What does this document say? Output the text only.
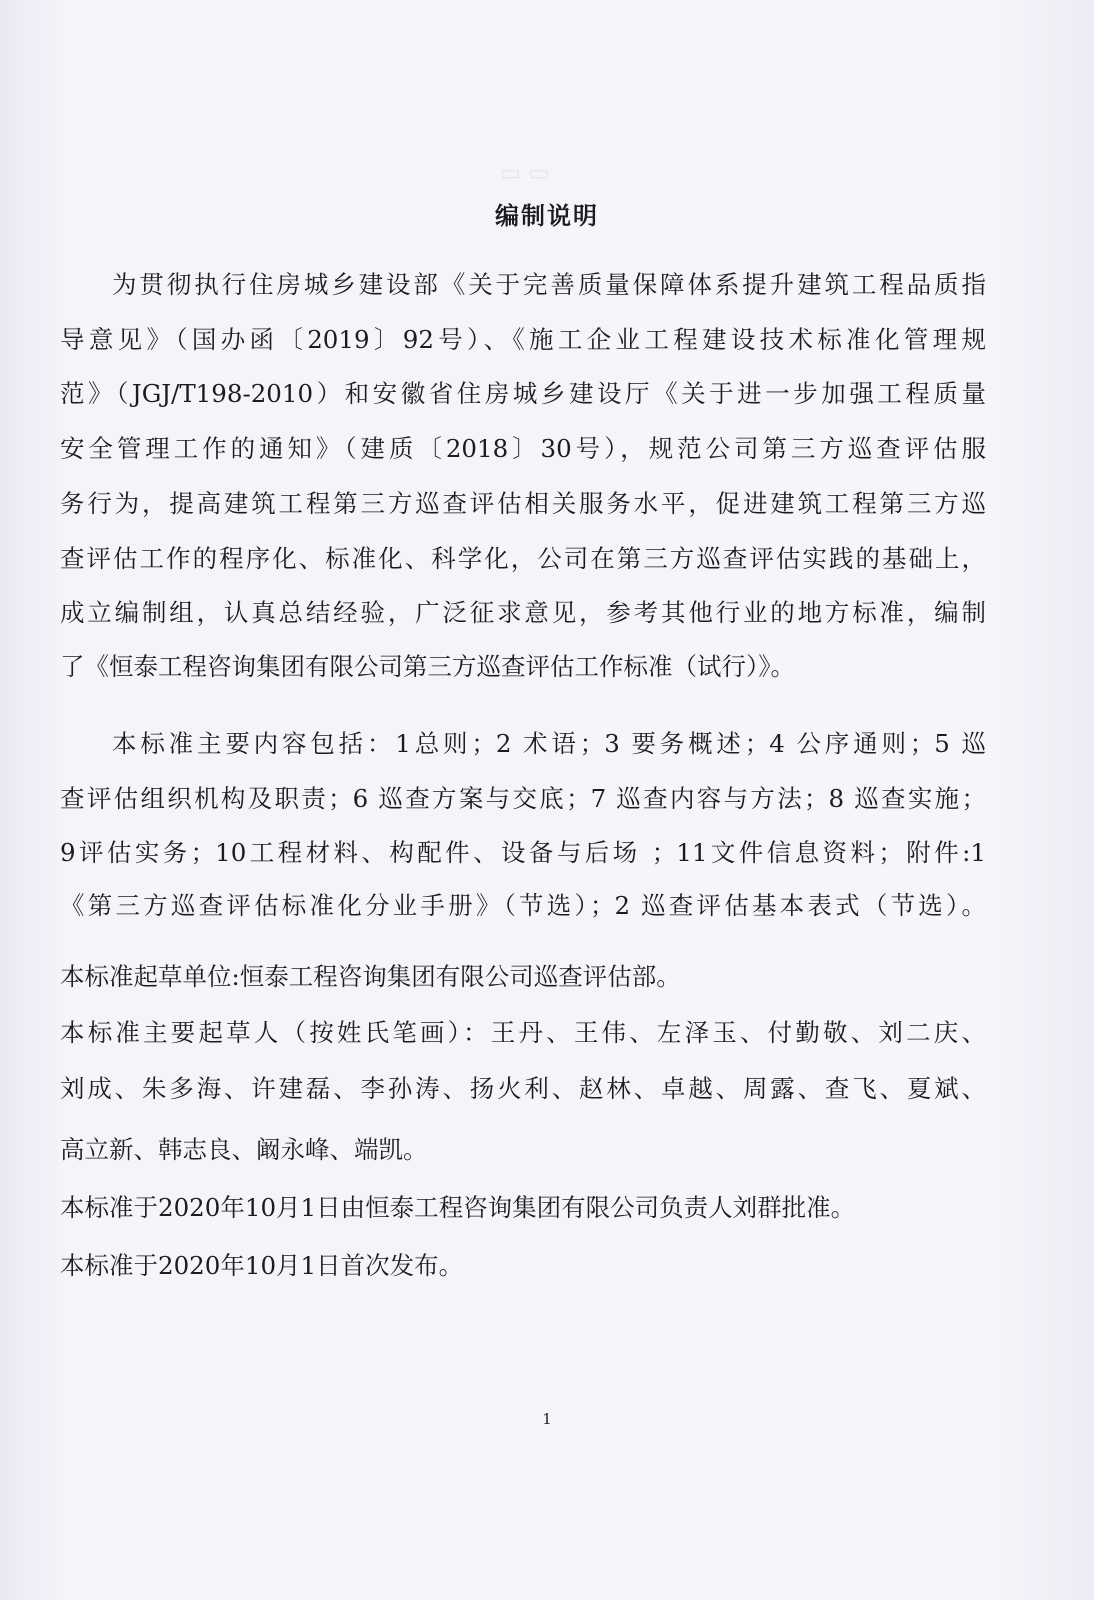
▭ ▭
编制说明
为贯彻执行住房城乡建设部《关于完善质量保障体系提升建筑工程品质指
导意见》（国办函〔2019〕92号）、《施工企业工程建设技术标准化管理规
范》（JGJ/T198-2010）和安徽省住房城乡建设厅《关于进一步加强工程质量
安全管理工作的通知》（建质〔2018〕30号），规范公司第三方巡查评估服
务行为，提高建筑工程第三方巡查评估相关服务水平，促进建筑工程第三方巡
查评估工作的程序化、标准化、科学化，公司在第三方巡查评估实践的基础上，
成立编制组，认真总结经验，广泛征求意见，参考其他行业的地方标准，编制
了《恒泰工程咨询集团有限公司第三方巡查评估工作标准（试行）》。
本标准主要内容包括：1总则；2 术语；3 要务概述；4 公序通则；5 巡
查评估组织机构及职责；6 巡查方案与交底；7 巡查内容与方法；8 巡查实施；
9评估实务；10工程材料、构配件、设备与后场 ；11文件信息资料；附件:1
《第三方巡查评估标准化分业手册》（节选）；2 巡查评估基本表式（节选）。
本标准起草单位:恒泰工程咨询集团有限公司巡查评估部。
本标准主要起草人（按姓氏笔画）：王丹、王伟、左泽玉、付勤敬、刘二庆、
刘成、朱多海、许建磊、李孙涛、扬火利、赵林、卓越、周露、查飞、夏斌、
高立新、韩志良、阚永峰、端凯。
本标准于2020年10月1日由恒泰工程咨询集团有限公司负责人刘群批准。
本标准于2020年10月1日首次发布。
1
